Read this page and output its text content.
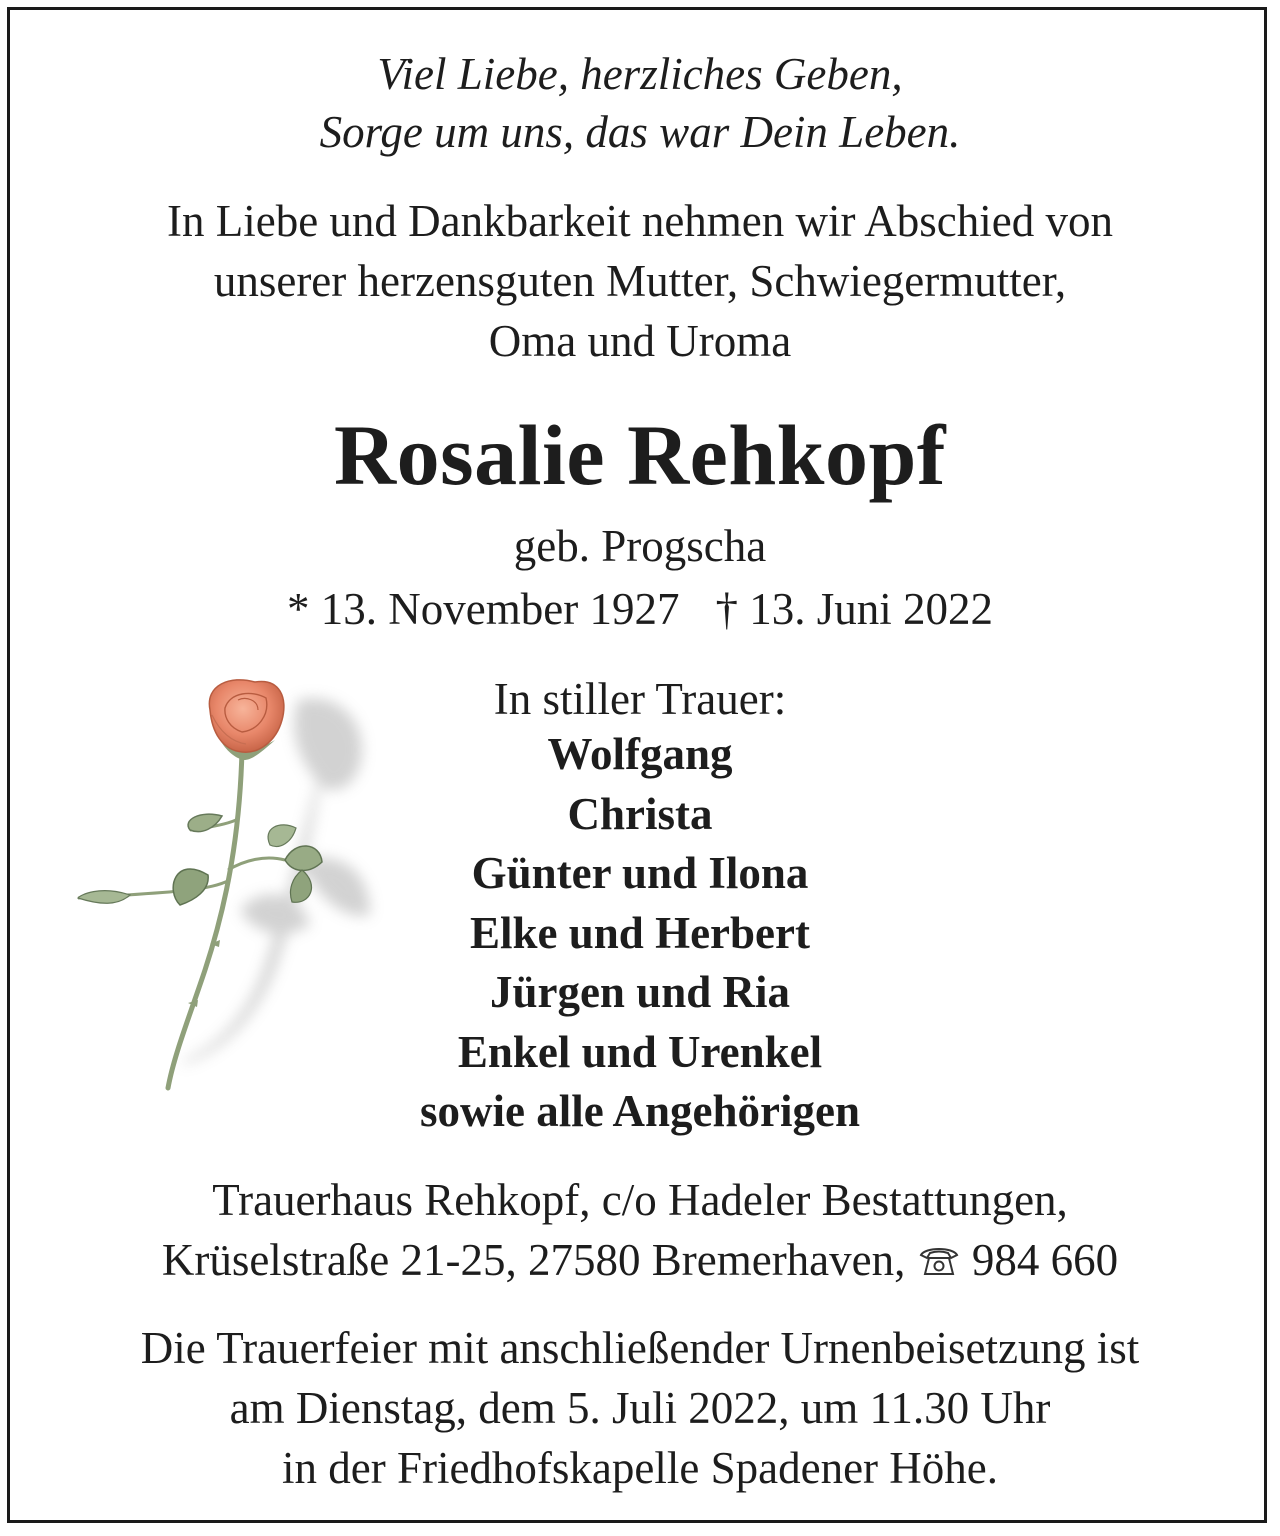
Viel Liebe, herzliches Geben,
Sorge um uns, das war Dein Leben.
In Liebe und Dankbarkeit nehmen wir Abschied von
unserer herzensguten Mutter, Schwiegermutter,
Oma und Uroma
Rosalie Rehkopf
geb. Progscha
* 13. November 1927 † 13. Juni 2022
In stiller Trauer:
Wolfgang
Christa
Günter und Ilona
Elke und Herbert
Jürgen und Ria
Enkel und Urenkel
sowie alle Angehörigen
Trauerhaus Rehkopf, c/o Hadeler Bestattungen,
Krüselstraße 21-25, 27580 Bremerhaven, 984 660
Die Trauerfeier mit anschließender Urnenbeisetzung ist
am Dienstag, dem 5. Juli 2022, um 11.30 Uhr
in der Friedhofskapelle Spadener Höhe.
